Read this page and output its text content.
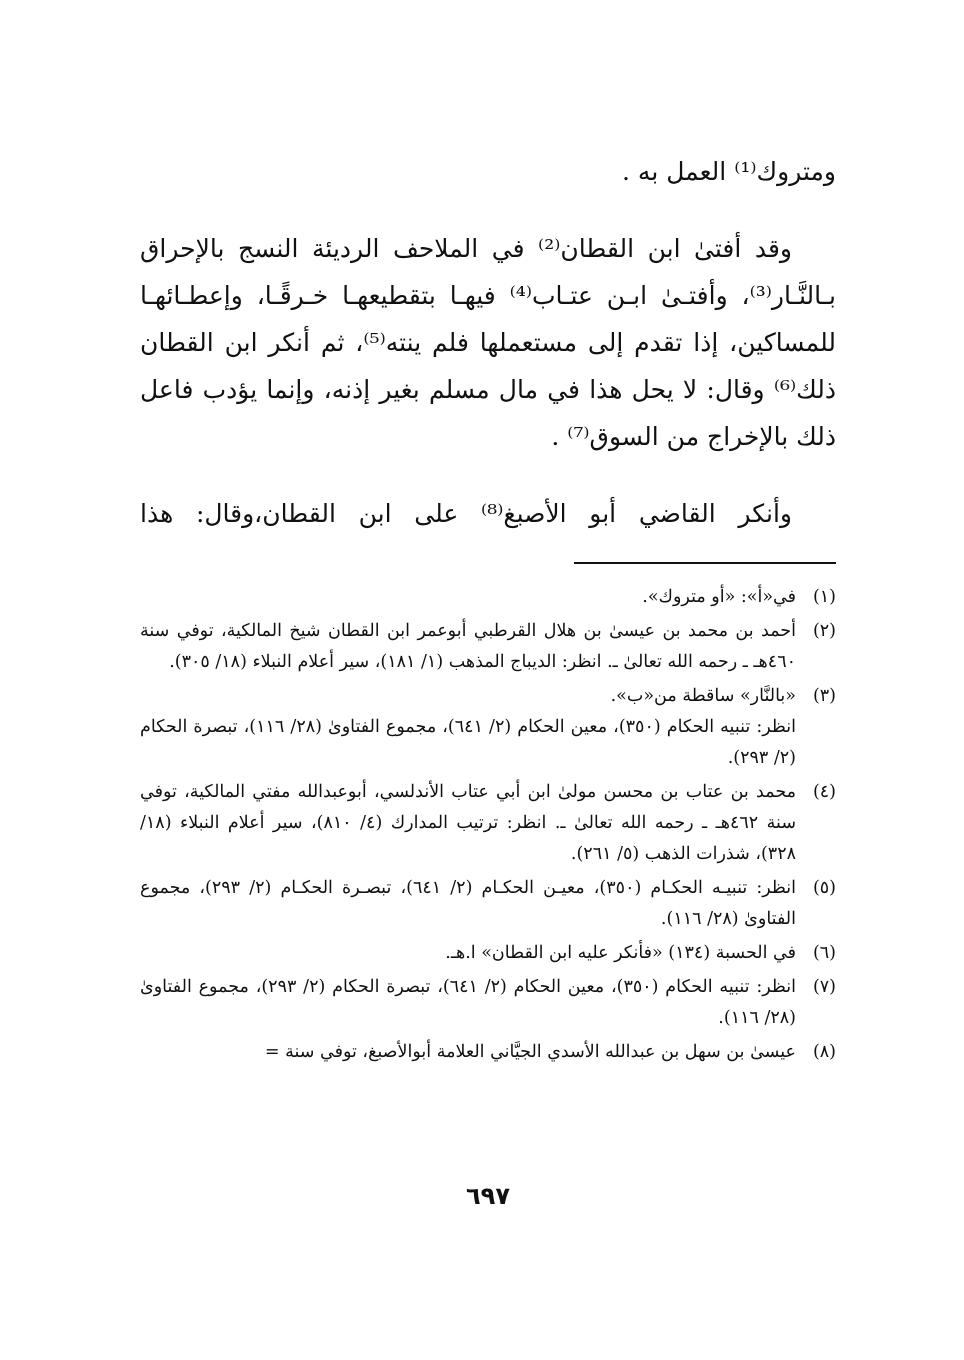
ومتروك⁽¹⁾ العمل به .

وقد أفتىٰ ابن القطان⁽²⁾ في الملاحف الرديئة النسج بالإحراق بـالنَّـار⁽³⁾، وأفتـىٰ ابـن عتـاب⁽⁴⁾ فيهـا بتقطيعهـا خـرقًـا، وإعطـائهـا للمساكين، إذا تقدم إلى مستعملها فلم ينته⁽⁵⁾، ثم أنكر ابن القطان ذلك⁽⁶⁾ وقال: لا يحل هذا في مال مسلم بغير إذنه، وإنما يؤدب فاعل ذلك بالإخراج من السوق⁽⁷⁾ .

وأنكر القاضي أبو الأصبغ⁽⁸⁾ على ابن القطان،وقال: هذا

(١)
في«أ»: «أو متروك».
(٢)
أحمد بن محمد بن عيسىٰ بن هلال القرطبي أبوعمر ابن القطان شيخ المالكية، توفي سنة ٤٦٠هـ ـ رحمه الله تعالىٰ ـ. انظر: الديباج المذهب (١/ ١٨١)، سير أعلام النبلاء (١٨/ ٣٠٥).
(٣)
«بالنَّار» ساقطة من«ب».
انظر: تنبيه الحكام (٣٥٠)، معين الحكام (٢/ ٦٤١)، مجموع الفتاوىٰ (٢٨/ ١١٦)، تبصرة الحكام (٢/ ٢٩٣).
(٤)
محمد بن عتاب بن محسن مولىٰ ابن أبي عتاب الأندلسي، أبوعبدالله مفتي المالكية، توفي سنة ٤٦٢هـ ـ رحمه الله تعالىٰ ـ. انظر: ترتيب المدارك (٤/ ٨١٠)، سير أعلام النبلاء (١٨/ ٣٢٨)، شذرات الذهب (٥/ ٢٦١).
(٥)
انظر: تنبيـه الحكـام (٣٥٠)، معيـن الحكـام (٢/ ٦٤١)، تبصـرة الحكـام (٢/ ٢٩٣)، مجموع الفتاوىٰ (٢٨/ ١١٦).
(٦)
في الحسبة (١٣٤) «فأنكر عليه ابن القطان» ا.هـ.
(٧)
انظر: تنبيه الحكام (٣٥٠)، معين الحكام (٢/ ٦٤١)، تبصرة الحكام (٢/ ٢٩٣)، مجموع الفتاوىٰ (٢٨/ ١١٦).
(٨)
عيسىٰ بن سهل بن عبدالله الأسدي الجيَّاني العلامة أبوالأصبغ، توفي سنة =
٦٩٧
